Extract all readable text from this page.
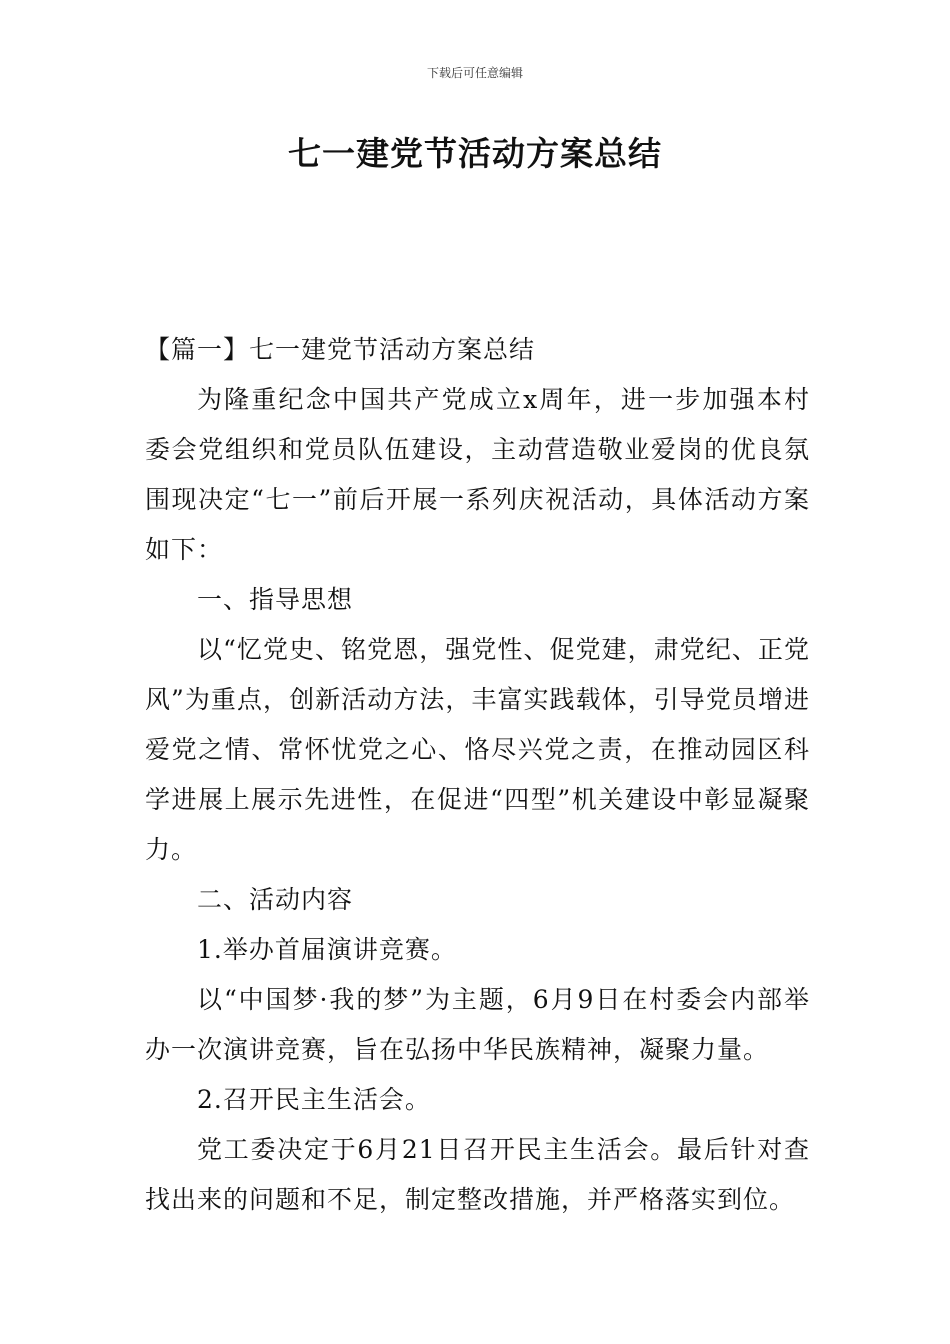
下载后可任意编辑
七一建党节活动方案总结

【篇一】七一建党节活动方案总结

为隆重纪念中国共产党成立x周年，进一步加强本村委会党组织和党员队伍建设，主动营造敬业爱岗的优良氛围现决定“七一”前后开展一系列庆祝活动，具体活动方案如下：

一、指导思想

以“忆党史、铭党恩，强党性、促党建，肃党纪、正党风”为重点，创新活动方法，丰富实践载体，引导党员增进爱党之情、常怀忧党之心、恪尽兴党之责，在推动园区科学进展上展示先进性，在促进“四型”机关建设中彰显凝聚力。

二、活动内容

1.举办首届演讲竞赛。

以“中国梦·我的梦”为主题，6月9日在村委会内部举办一次演讲竞赛，旨在弘扬中华民族精神，凝聚力量。

2.召开民主生活会。

党工委决定于6月21日召开民主生活会。最后针对查找出来的问题和不足，制定整改措施，并严格落实到位。
